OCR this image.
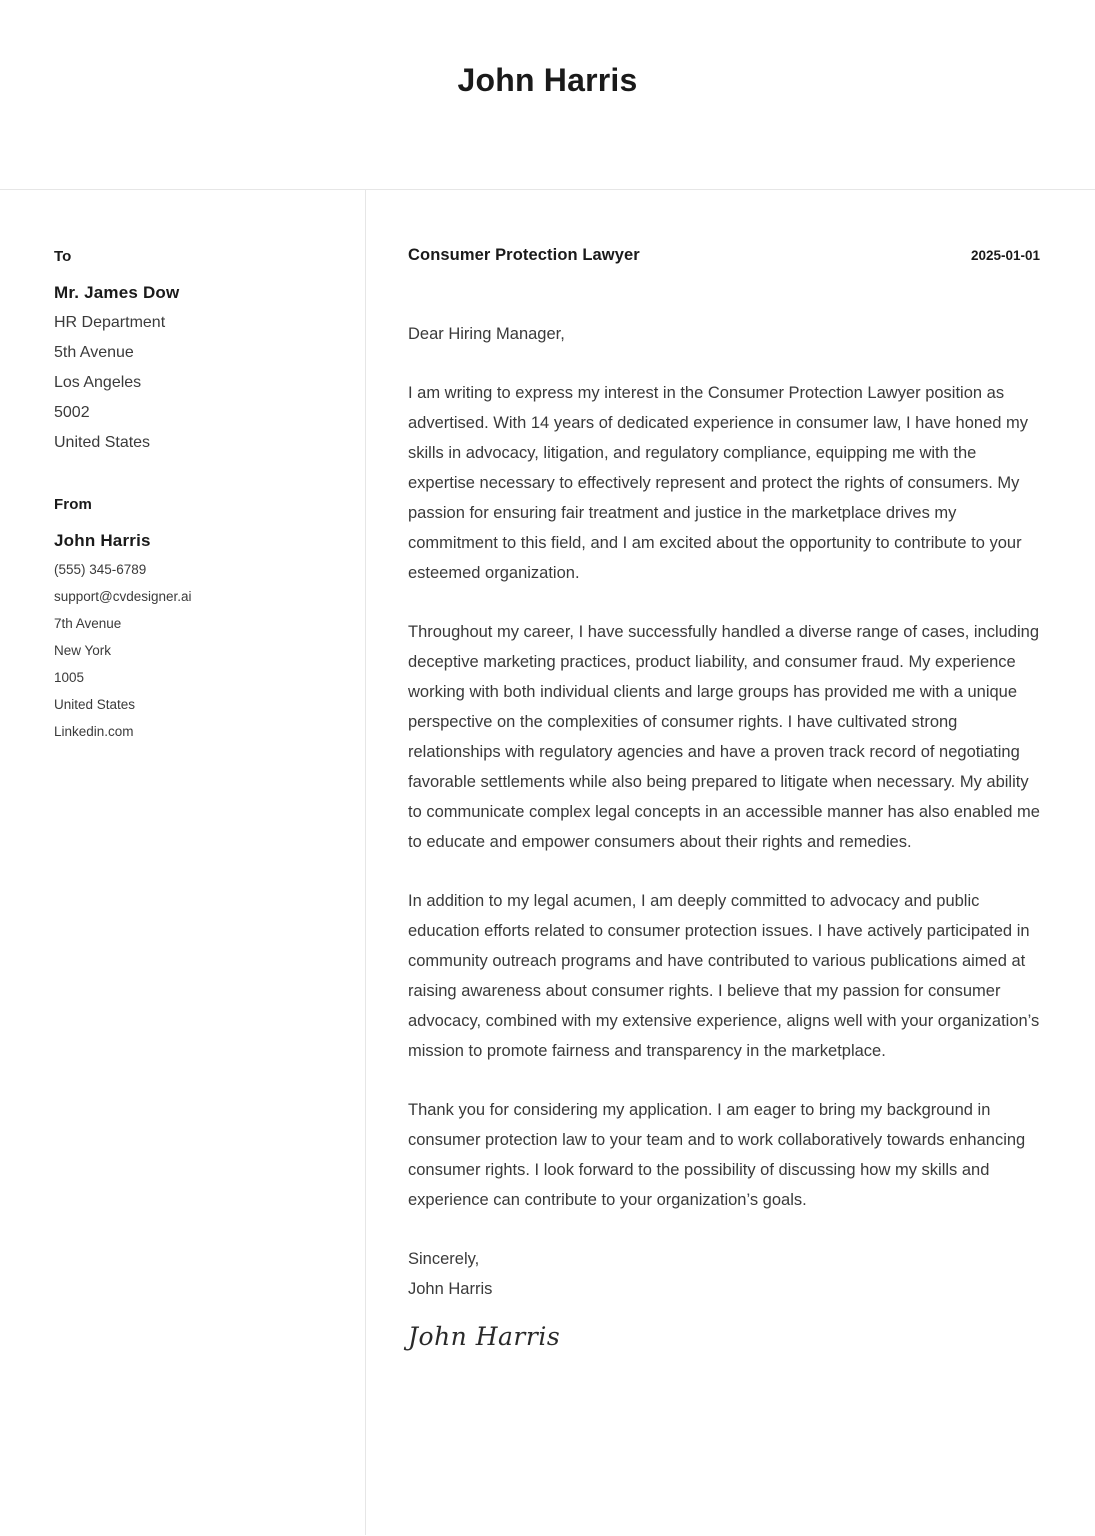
John Harris

To

Mr. James Dow

HR Department

5th Avenue

Los Angeles

5002

United States

From

John Harris

(555) 345-6789

support@cvdesigner.ai

7th Avenue

New York

1005

United States

Linkedin.com

Consumer Protection Lawyer	2025-01-01

Dear Hiring Manager,

I am writing to express my interest in the Consumer Protection Lawyer position as advertised. With 14 years of dedicated experience in consumer law, I have honed my skills in advocacy, litigation, and regulatory compliance, equipping me with the expertise necessary to effectively represent and protect the rights of consumers. My passion for ensuring fair treatment and justice in the marketplace drives my commitment to this field, and I am excited about the opportunity to contribute to your esteemed organization.

Throughout my career, I have successfully handled a diverse range of cases, including deceptive marketing practices, product liability, and consumer fraud. My experience working with both individual clients and large groups has provided me with a unique perspective on the complexities of consumer rights. I have cultivated strong relationships with regulatory agencies and have a proven track record of negotiating favorable settlements while also being prepared to litigate when necessary. My ability to communicate complex legal concepts in an accessible manner has also enabled me to educate and empower consumers about their rights and remedies.

In addition to my legal acumen, I am deeply committed to advocacy and public education efforts related to consumer protection issues. I have actively participated in community outreach programs and have contributed to various publications aimed at raising awareness about consumer rights. I believe that my passion for consumer advocacy, combined with my extensive experience, aligns well with your organization’s mission to promote fairness and transparency in the marketplace.

Thank you for considering my application. I am eager to bring my background in consumer protection law to your team and to work collaboratively towards enhancing consumer rights. I look forward to the possibility of discussing how my skills and experience can contribute to your organization’s goals.

Sincerely,

John Harris

John Harris
